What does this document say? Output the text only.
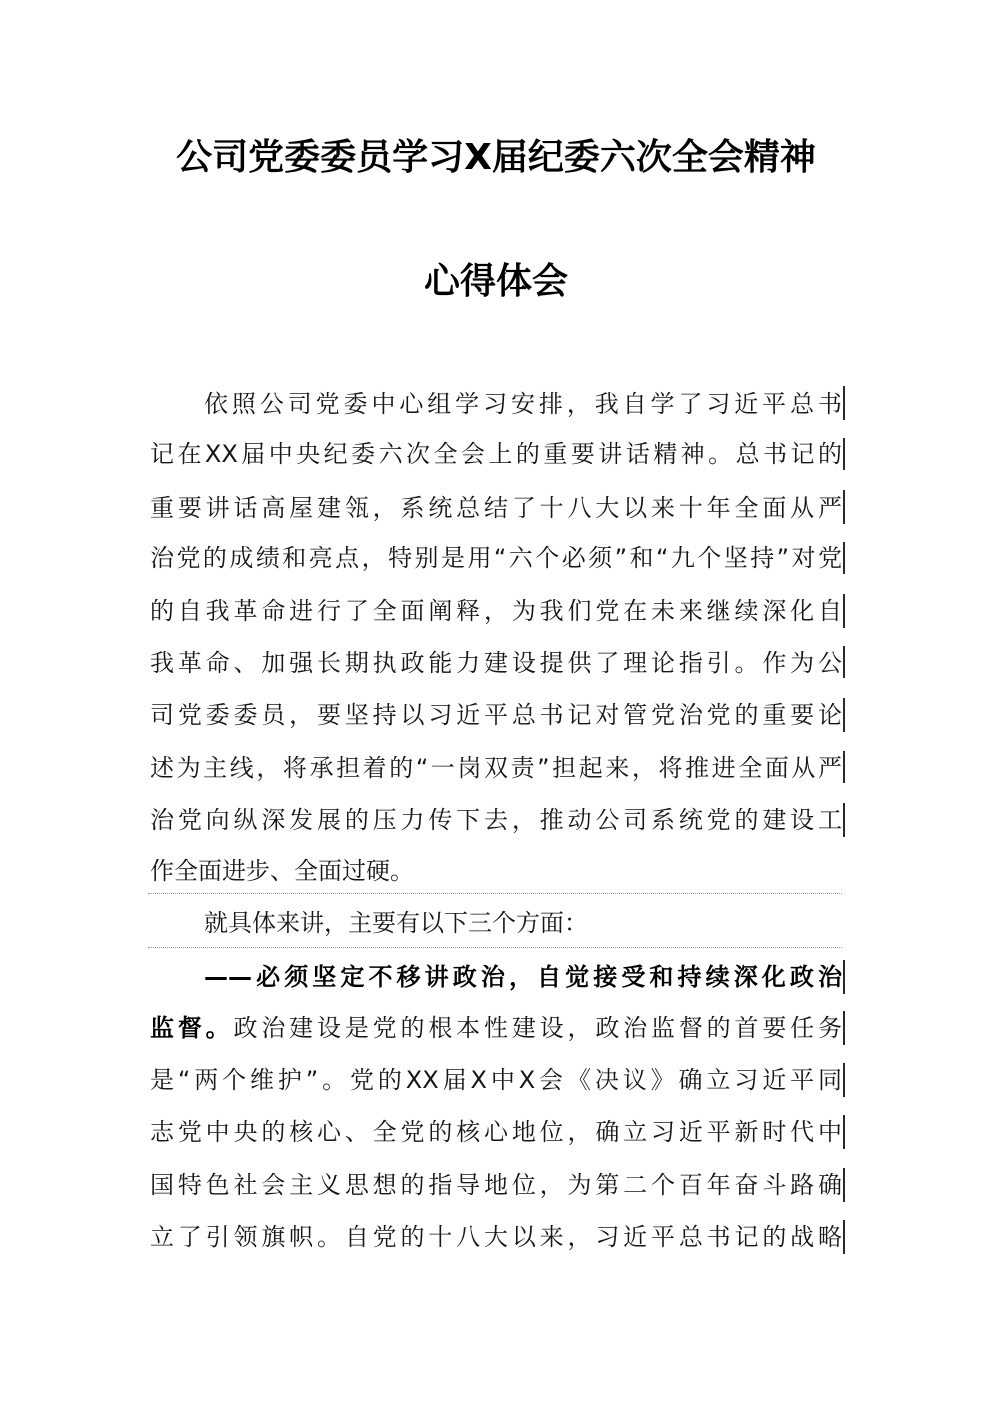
公司党委委员学习Ⅹ届纪委六次全会精神
心得体会
依照公司党委中心组学习安排，我自学了习近平总书
记在XX届中央纪委六次全会上的重要讲话精神。总书记的
重要讲话高屋建瓴，系统总结了十八大以来十年全面从严
治党的成绩和亮点，特别是用“六个必须”和“九个坚持”对党
的自我革命进行了全面阐释，为我们党在未来继续深化自
我革命、加强长期执政能力建设提供了理论指引。作为公
司党委委员，要坚持以习近平总书记对管党治党的重要论
述为主线，将承担着的“一岗双责”担起来，将推进全面从严
治党向纵深发展的压力传下去，推动公司系统党的建设工
作全面进步、全面过硬。
就具体来讲，主要有以下三个方面：
——必须坚定不移讲政治，自觉接受和持续深化政治
监督。政治建设是党的根本性建设，政治监督的首要任务
是“两个维护”。党的XX届Ⅹ中Ⅹ会《决议》确立习近平同
志党中央的核心、全党的核心地位，确立习近平新时代中
国特色社会主义思想的指导地位，为第二个百年奋斗路确
立了引领旗帜。自党的十八大以来，习近平总书记的战略
